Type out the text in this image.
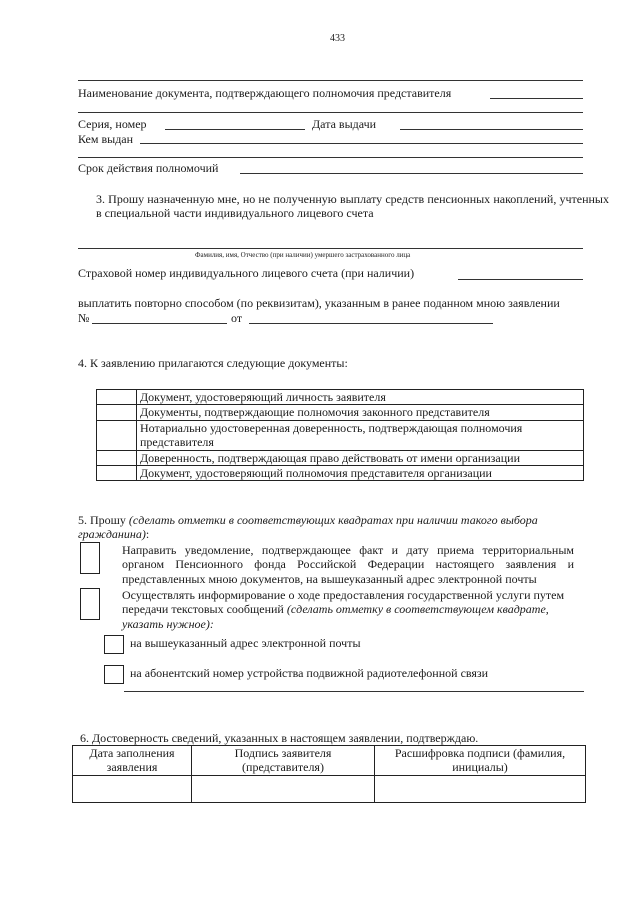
433
Наименование документа, подтверждающего полномочия представителя
Серия, номер	Дата выдачи
Кем выдан
Срок действия полномочий
3. Прошу назначенную мне, но не полученную выплату средств пенсионных накоплений, учтенных в специальной части индивидуального лицевого счета
Фамилия, имя, Отчество (при наличии) умершего застрахованного лица
Страховой номер индивидуального лицевого счета (при наличии)
выплатить повторно способом (по реквизитам), указанным в ранее поданном мною заявлении
№	от
4. К заявлению прилагаются следующие документы:
	Документ, удостоверяющий личность заявителя
	Документы, подтверждающие полномочия законного представителя
	Нотариально удостоверенная доверенность, подтверждающая полномочия представителя
	Доверенность, подтверждающая право действовать от имени организации
	Документ, удостоверяющий полномочия представителя организации
5. Прошу (сделать отметки в соответствующих квадратах при наличии такого выбора гражданина):
Направить уведомление, подтверждающее факт и дату приема территориальным органом Пенсионного фонда Российской Федерации настоящего заявления и представленных мною документов, на вышеуказанный адрес электронной почты
Осуществлять информирование о ходе предоставления государственной услуги путем передачи текстовых сообщений (сделать отметку в соответствующем квадрате, указать нужное):
на вышеуказанный адрес электронной почты
на абонентский номер устройства подвижной радиотелефонной связи
6. Достоверность сведений, указанных в настоящем заявлении, подтверждаю.
Дата заполнения заявления	Подпись заявителя (представителя)	Расшифровка подписи (фамилия, инициалы)
